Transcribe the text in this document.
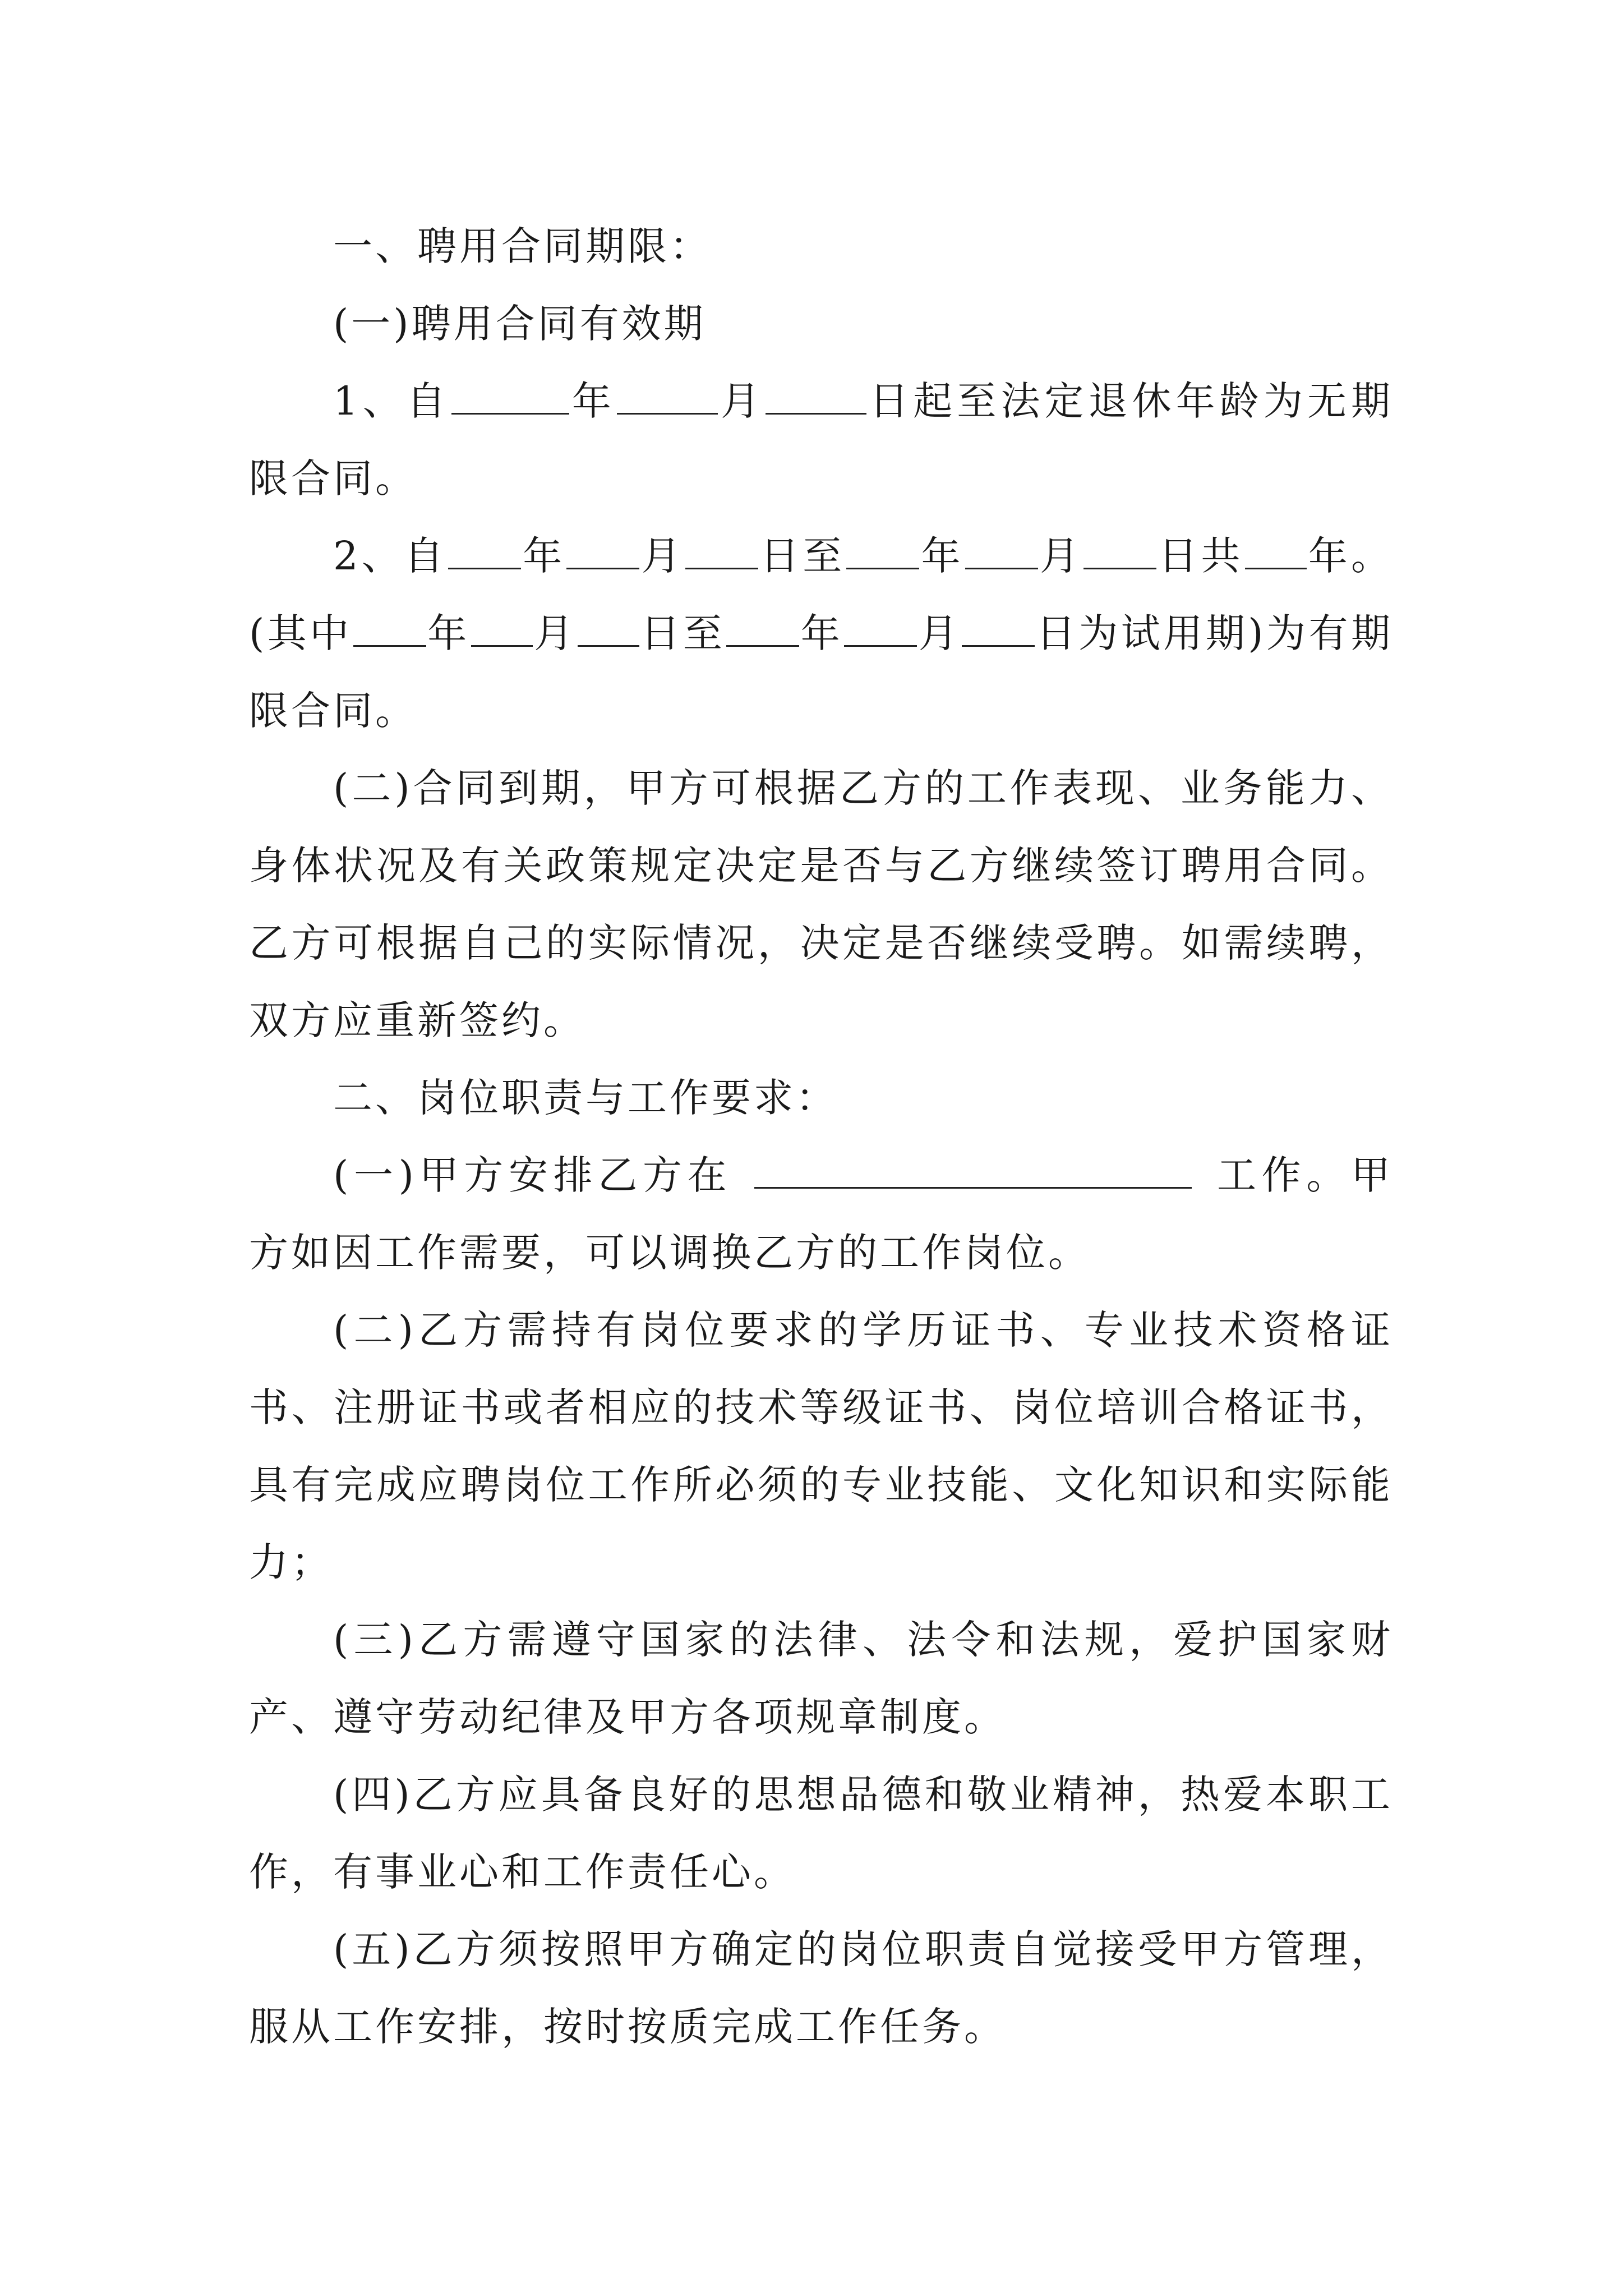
一、聘用合同期限：

(一)聘用合同有效期

1、自	年	月	日起至法定退休年龄为无期限合同。

2、自 年 月 日至 年 月 日共 年。(其中 年 月 日至 年 月 日为试用期)为有期限合同。

(二)合同到期，甲方可根据乙方的工作表现、业务能力、身体状况及有关政策规定决定是否与乙方继续签订聘用合同。乙方可根据自己的实际情况，决定是否继续受聘。如需续聘，双方应重新签约。

二、岗位职责与工作要求：

(一)甲方安排乙方在	工作。甲方如因工作需要，可以调换乙方的工作岗位。

(二)乙方需持有岗位要求的学历证书、专业技术资格证书、注册证书或者相应的技术等级证书、岗位培训合格证书，具有完成应聘岗位工作所必须的专业技能、文化知识和实际能力；

(三)乙方需遵守国家的法律、法令和法规，爱护国家财产、遵守劳动纪律及甲方各项规章制度。

(四)乙方应具备良好的思想品德和敬业精神，热爱本职工作，有事业心和工作责任心。

(五)乙方须按照甲方确定的岗位职责自觉接受甲方管理，服从工作安排，按时按质完成工作任务。
